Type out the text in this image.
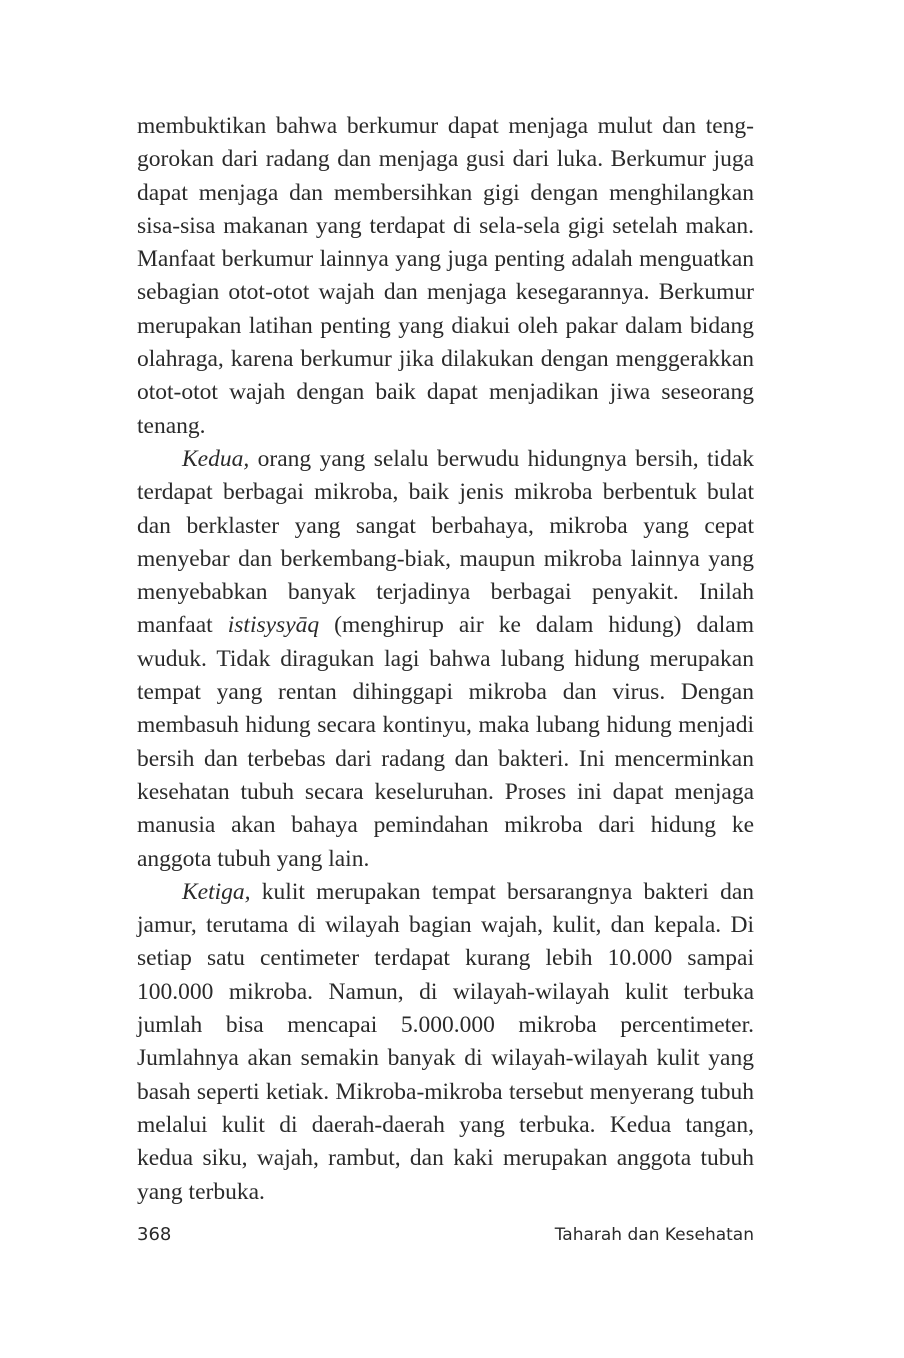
membuktikan bahwa berkumur dapat menjaga mulut dan teng-gorokan dari radang dan menjaga gusi dari luka. Berkumur juga dapat menjaga dan membersihkan gigi dengan menghilangkan sisa-sisa makanan yang terdapat di sela-sela gigi setelah makan. Manfaat berkumur lainnya yang juga penting adalah menguatkan sebagian otot-otot wajah dan menjaga kesegarannya. Berkumur merupakan latihan penting yang diakui oleh pakar dalam bidang olahraga, karena berkumur jika dilakukan dengan menggerakkan otot-otot wajah dengan baik dapat menjadikan jiwa seseorang tenang.

Kedua, orang yang selalu berwudu hidungnya bersih, tidak terdapat berbagai mikroba, baik jenis mikroba berbentuk bulat dan berklaster yang sangat berbahaya, mikroba yang cepat menyebar dan berkembang-biak, maupun mikroba lainnya yang menyebabkan banyak terjadinya berbagai penyakit. Inilah manfaat istisysyāq (menghirup air ke dalam hidung) dalam wuduk. Tidak diragukan lagi bahwa lubang hidung merupakan tempat yang rentan dihinggapi mikroba dan virus. Dengan membasuh hidung secara kontinyu, maka lubang hidung menjadi bersih dan terbebas dari radang dan bakteri. Ini mencerminkan kesehatan tubuh secara keseluruhan. Proses ini dapat menjaga manusia akan bahaya pemindahan mikroba dari hidung ke anggota tubuh yang lain.

Ketiga, kulit merupakan tempat bersarangnya bakteri dan jamur, terutama di wilayah bagian wajah, kulit, dan kepala. Di setiap satu centimeter terdapat kurang lebih 10.000 sampai 100.000 mikroba. Namun, di wilayah-wilayah kulit terbuka jumlah bisa mencapai 5.000.000 mikroba percentimeter. Jumlahnya akan semakin banyak di wilayah-wilayah kulit yang basah seperti ketiak. Mikroba-mikroba tersebut menyerang tubuh melalui kulit di daerah-daerah yang terbuka. Kedua tangan, kedua siku, wajah, rambut, dan kaki merupakan anggota tubuh yang terbuka.

368	Taharah dan Kesehatan
